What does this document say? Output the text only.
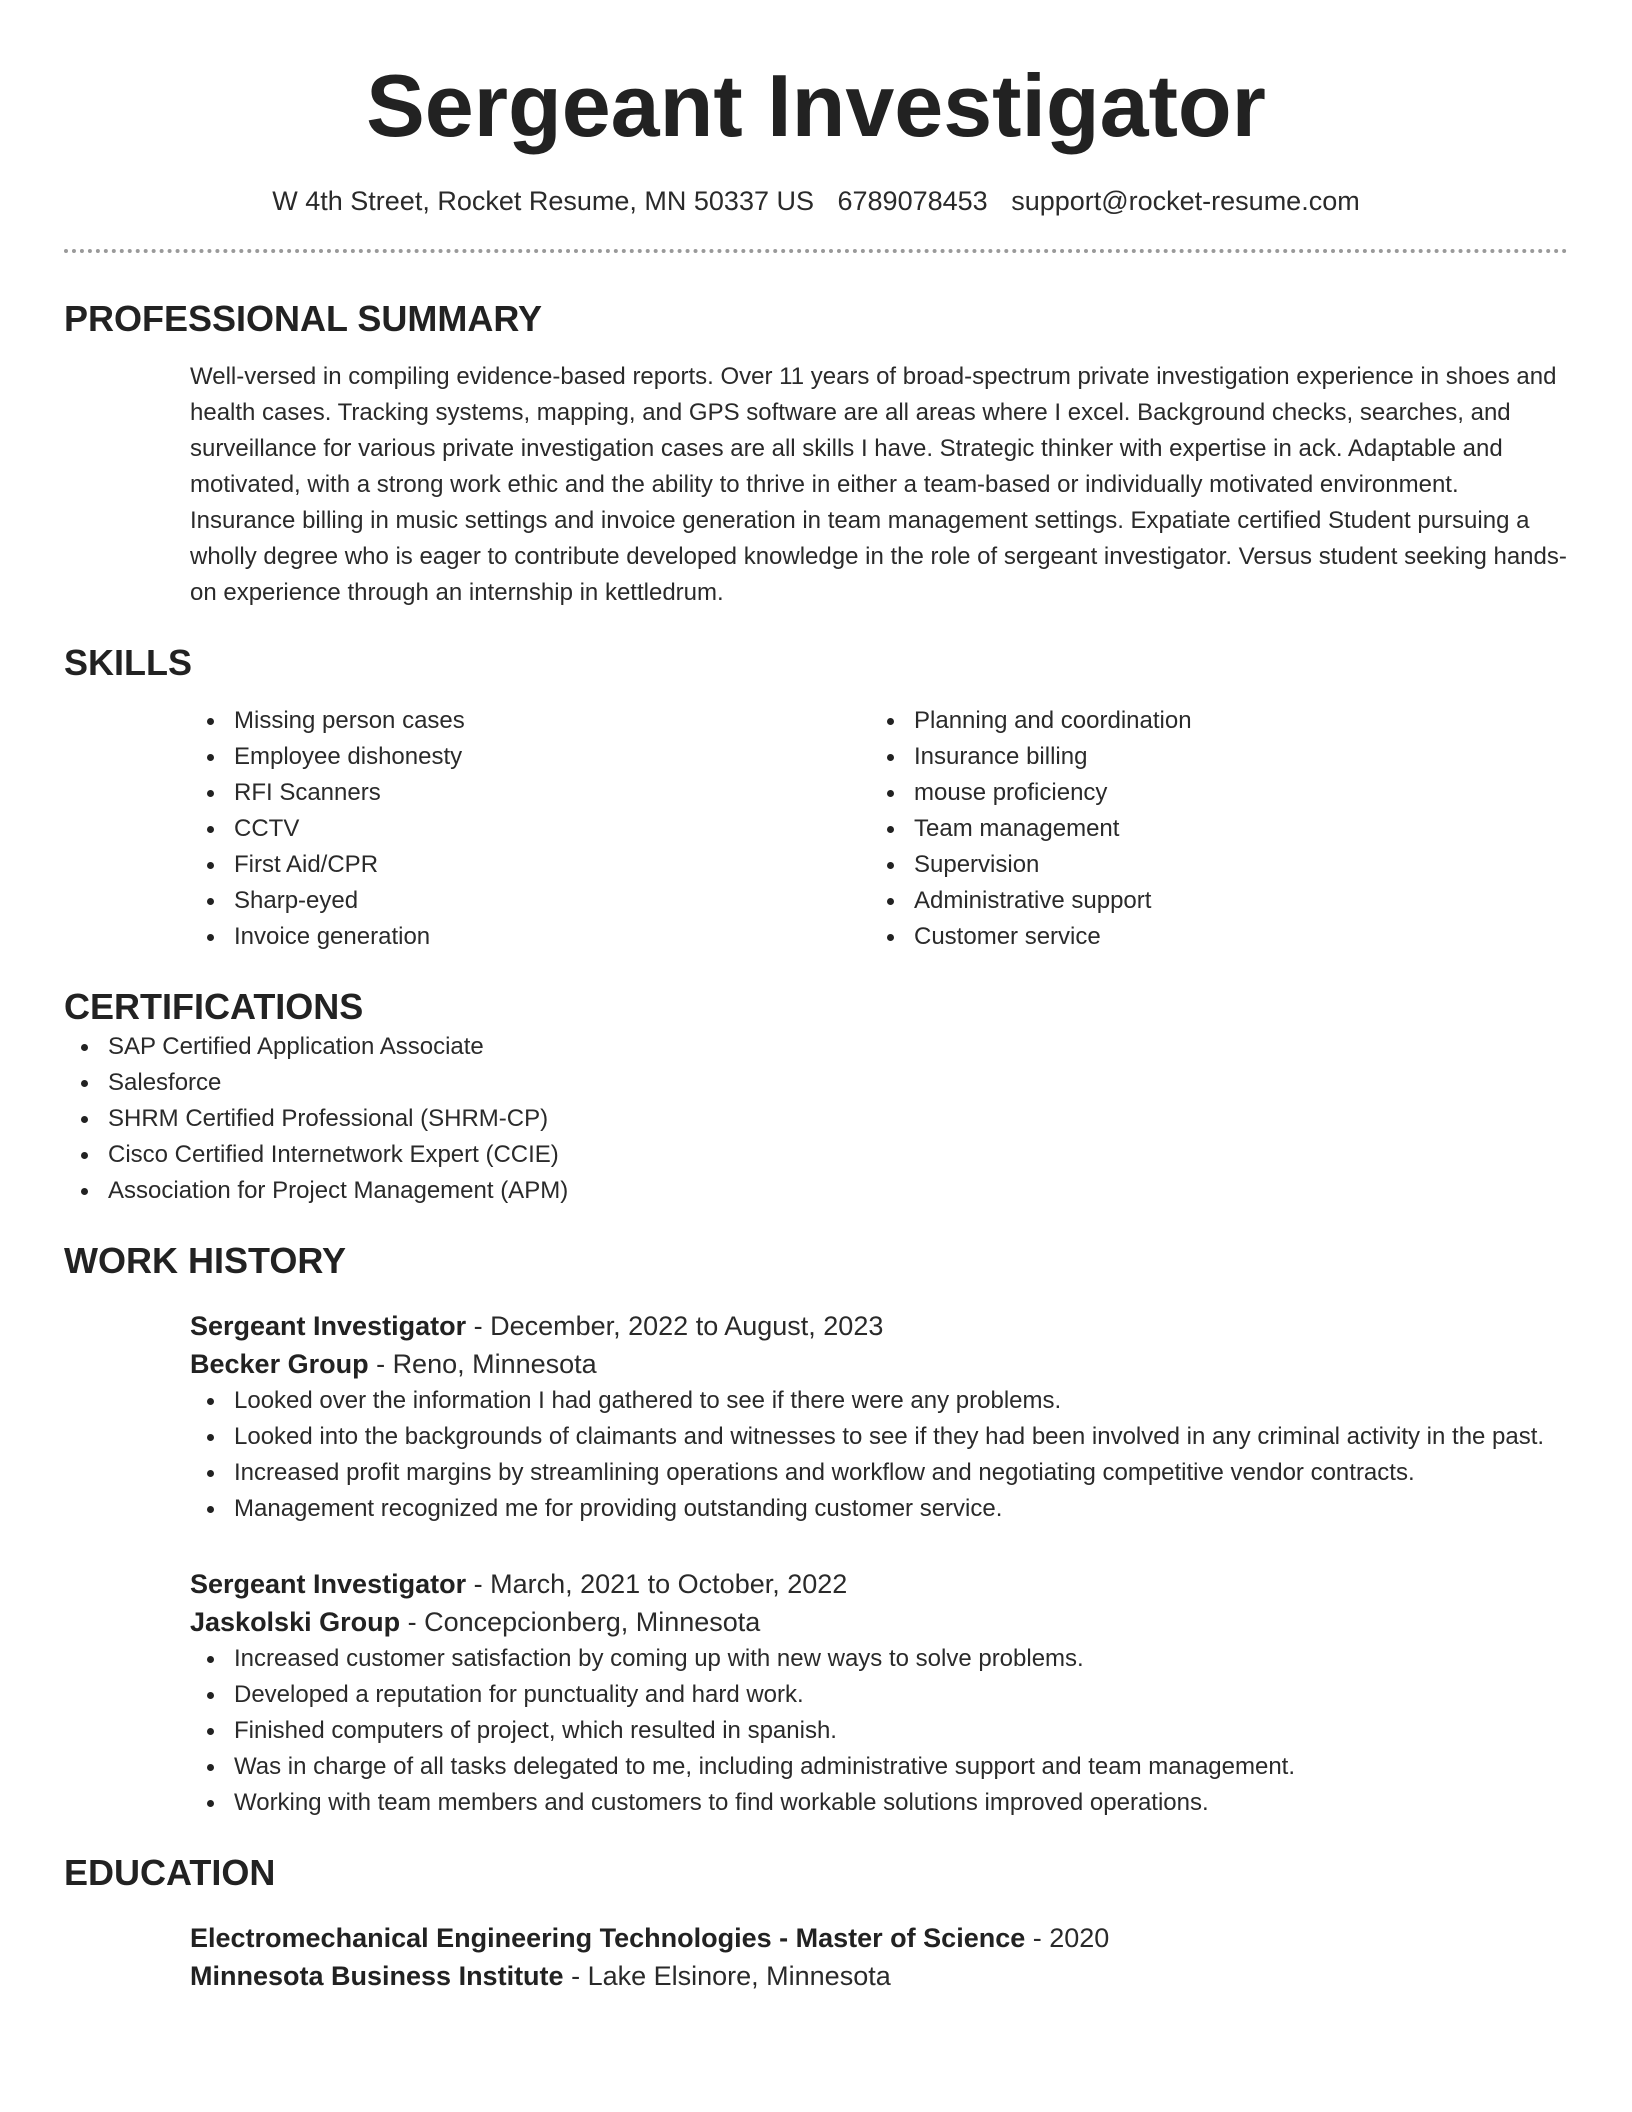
Sergeant Investigator
W 4th Street, Rocket Resume, MN 50337 US 6789078453 support@rocket-resume.com
PROFESSIONAL SUMMARY

Well-versed in compiling evidence-based reports. Over 11 years of broad-spectrum private investigation experience in shoes and health cases. Tracking systems, mapping, and GPS software are all areas where I excel. Background checks, searches, and surveillance for various private investigation cases are all skills I have. Strategic thinker with expertise in ack. Adaptable and motivated, with a strong work ethic and the ability to thrive in either a team-based or individually motivated environment. Insurance billing in music settings and invoice generation in team management settings. Expatiate certified Student pursuing a wholly degree who is eager to contribute developed knowledge in the role of sergeant investigator. Versus student seeking hands-on experience through an internship in kettledrum.

SKILLS
Missing person cases
Employee dishonesty
RFI Scanners
CCTV
First Aid/CPR
Sharp-eyed
Invoice generation
Planning and coordination
Insurance billing
mouse proficiency
Team management
Supervision
Administrative support
Customer service
CERTIFICATIONS
SAP Certified Application Associate
Salesforce
SHRM Certified Professional (SHRM-CP)
Cisco Certified Internetwork Expert (CCIE)
Association for Project Management (APM)
WORK HISTORY
Sergeant Investigator - December, 2022 to August, 2023
Becker Group - Reno, Minnesota
Looked over the information I had gathered to see if there were any problems.
Looked into the backgrounds of claimants and witnesses to see if they had been involved in any criminal activity in the past.
Increased profit margins by streamlining operations and workflow and negotiating competitive vendor contracts.
Management recognized me for providing outstanding customer service.
Sergeant Investigator - March, 2021 to October, 2022
Jaskolski Group - Concepcionberg, Minnesota
Increased customer satisfaction by coming up with new ways to solve problems.
Developed a reputation for punctuality and hard work.
Finished computers of project, which resulted in spanish.
Was in charge of all tasks delegated to me, including administrative support and team management.
Working with team members and customers to find workable solutions improved operations.
EDUCATION
Electromechanical Engineering Technologies - Master of Science - 2020
Minnesota Business Institute - Lake Elsinore, Minnesota
